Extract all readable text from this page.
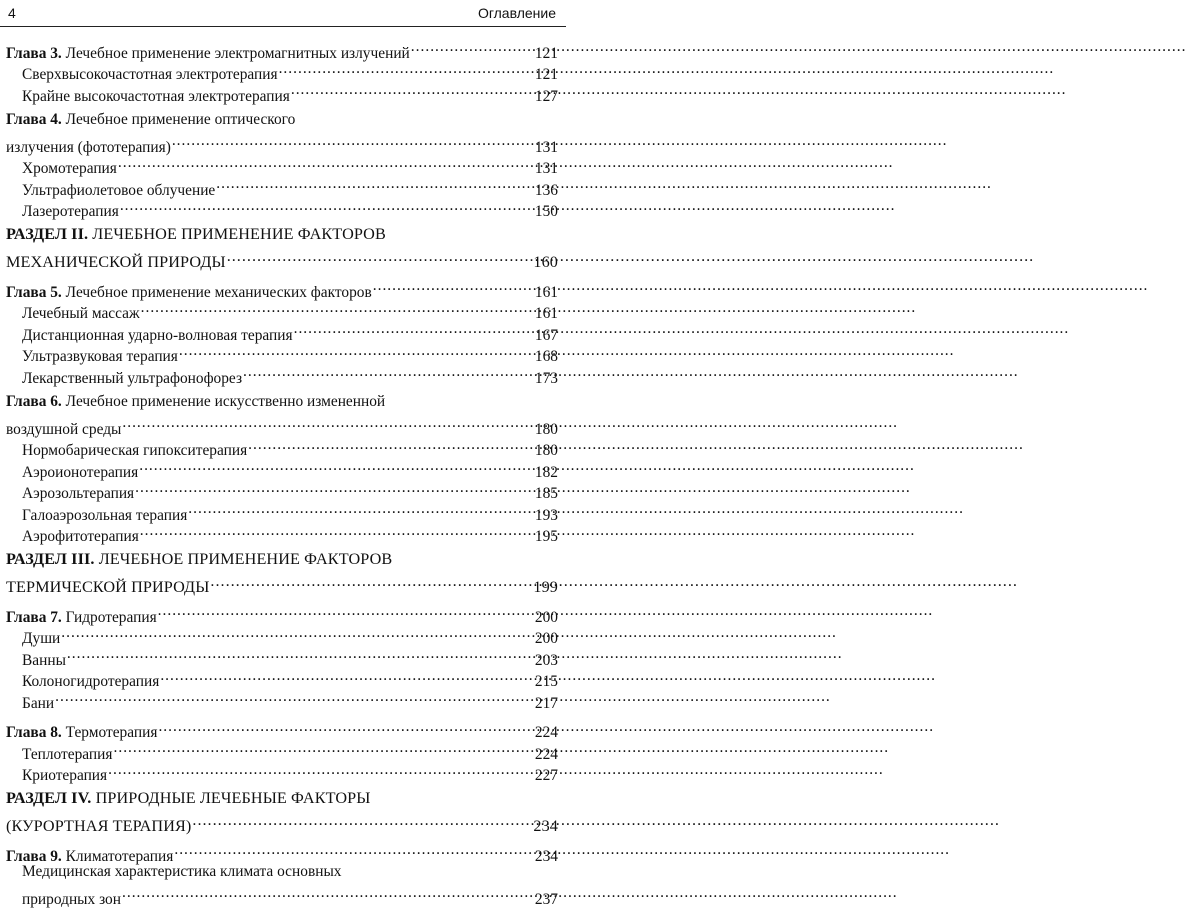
4	Оглавление
Глава 3. Лечебное применение электромагнитных излучений .....	121
Сверхвысокочастотная электротерапия .....	121
Крайне высокочастотная электротерапия .....	127
Глава 4. Лечебное применение оптического
излучения (фототерапия) .....	131
Хромотерапия .....	131
Ультрафиолетовое облучение .....	136
Лазеротерапия .....	150
РАЗДЕЛ II. ЛЕЧЕБНОЕ ПРИМЕНЕНИЕ ФАКТОРОВ
МЕХАНИЧЕСКОЙ ПРИРОДЫ .....	160
Глава 5. Лечебное применение механических факторов .....	161
Лечебный массаж .....	161
Дистанционная ударно-волновая терапия .....	167
Ультразвуковая терапия .....	168
Лекарственный ультрафонофорез .....	173
Глава 6. Лечебное применение искусственно измененной
воздушной среды .....	180
Нормобарическая гипокситерапия .....	180
Аэроионотерапия .....	182
Аэрозольтерапия .....	185
Галоаэрозольная терапия .....	193
Аэрофитотерапия .....	195
РАЗДЕЛ III. ЛЕЧЕБНОЕ ПРИМЕНЕНИЕ ФАКТОРОВ
ТЕРМИЧЕСКОЙ ПРИРОДЫ .....	199
Глава 7. Гидротерапия .....	200
Души .....	200
Ванны .....	203
Колоногидротерапия .....	215
Бани .....	217
Глава 8. Термотерапия .....	224
Теплотерапия .....	224
Криотерапия .....	227
РАЗДЕЛ IV. ПРИРОДНЫЕ ЛЕЧЕБНЫЕ ФАКТОРЫ
(КУРОРТНАЯ ТЕРАПИЯ) .....	234
Глава 9. Климатотерапия .....	234
Медицинская характеристика климата основных
природных зон .....	237
